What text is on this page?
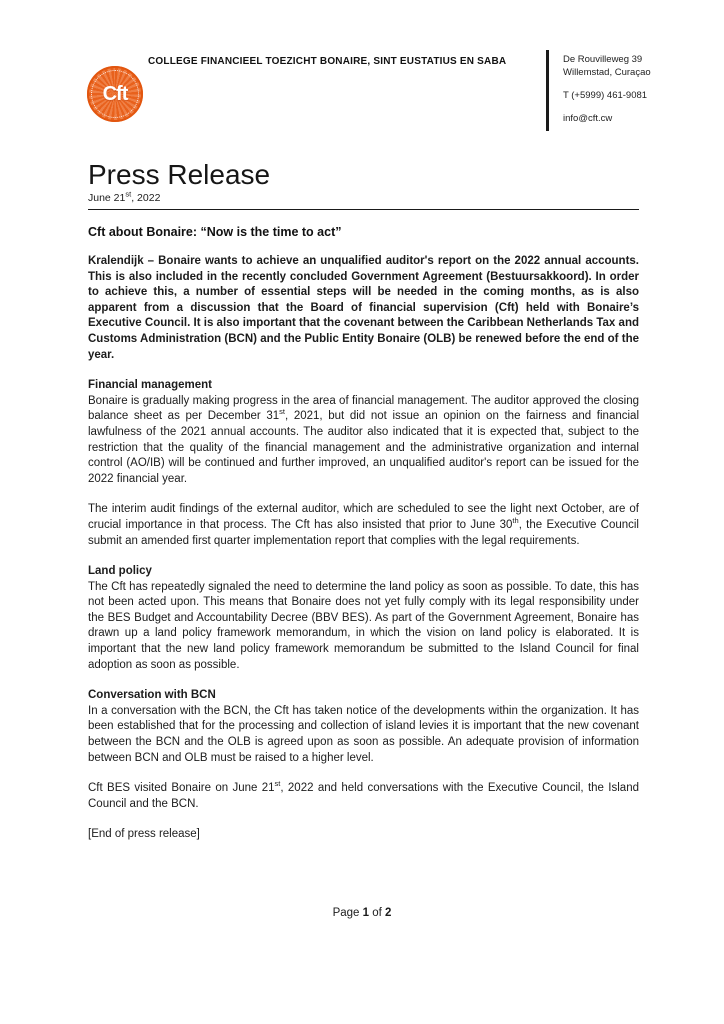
Cft
COLLEGE FINANCIEEL TOEZICHT BONAIRE, SINT EUSTATIUS EN SABA	De Rouvilleweg 39
Willemstad, Curaçao
T (+5999) 461-9081
info@cft.cw
Press Release
June 21st, 2022
Cft about Bonaire: “Now is the time to act”

Kralendijk – Bonaire wants to achieve an unqualified auditor's report on the 2022 annual accounts. This is also included in the recently concluded Government Agreement (Bestuursakkoord). In order to achieve this, a number of essential steps will be needed in the coming months, as is also apparent from a discussion that the Board of financial supervision (Cft) held with Bonaire’s Executive Council. It is also important that the covenant between the Caribbean Netherlands Tax and Customs Administration (BCN) and the Public Entity Bonaire (OLB) be renewed before the end of the year.

Financial management

Bonaire is gradually making progress in the area of financial management. The auditor approved the closing balance sheet as per December 31st, 2021, but did not issue an opinion on the fairness and financial lawfulness of the 2021 annual accounts. The auditor also indicated that it is expected that, subject to the restriction that the quality of the financial management and the administrative organization and internal control (AO/IB) will be continued and further improved, an unqualified auditor's report can be issued for the 2022 financial year.

The interim audit findings of the external auditor, which are scheduled to see the light next October, are of crucial importance in that process. The Cft has also insisted that prior to June 30th, the Executive Council submit an amended first quarter implementation report that complies with the legal requirements.

Land policy

The Cft has repeatedly signaled the need to determine the land policy as soon as possible. To date, this has not been acted upon. This means that Bonaire does not yet fully comply with its legal responsibility under the BES Budget and Accountability Decree (BBV BES). As part of the Government Agreement, Bonaire has drawn up a land policy framework memorandum, in which the vision on land policy is elaborated. It is important that the new land policy framework memorandum be submitted to the Island Council for final adoption as soon as possible.

Conversation with BCN

In a conversation with the BCN, the Cft has taken notice of the developments within the organization. It has been established that for the processing and collection of island levies it is important that the new covenant between the BCN and the OLB is agreed upon as soon as possible. An adequate provision of information between BCN and OLB must be raised to a higher level.

Cft BES visited Bonaire on June 21st, 2022 and held conversations with the Executive Council, the Island Council and the BCN.

[End of press release]

Page 1 of 2
